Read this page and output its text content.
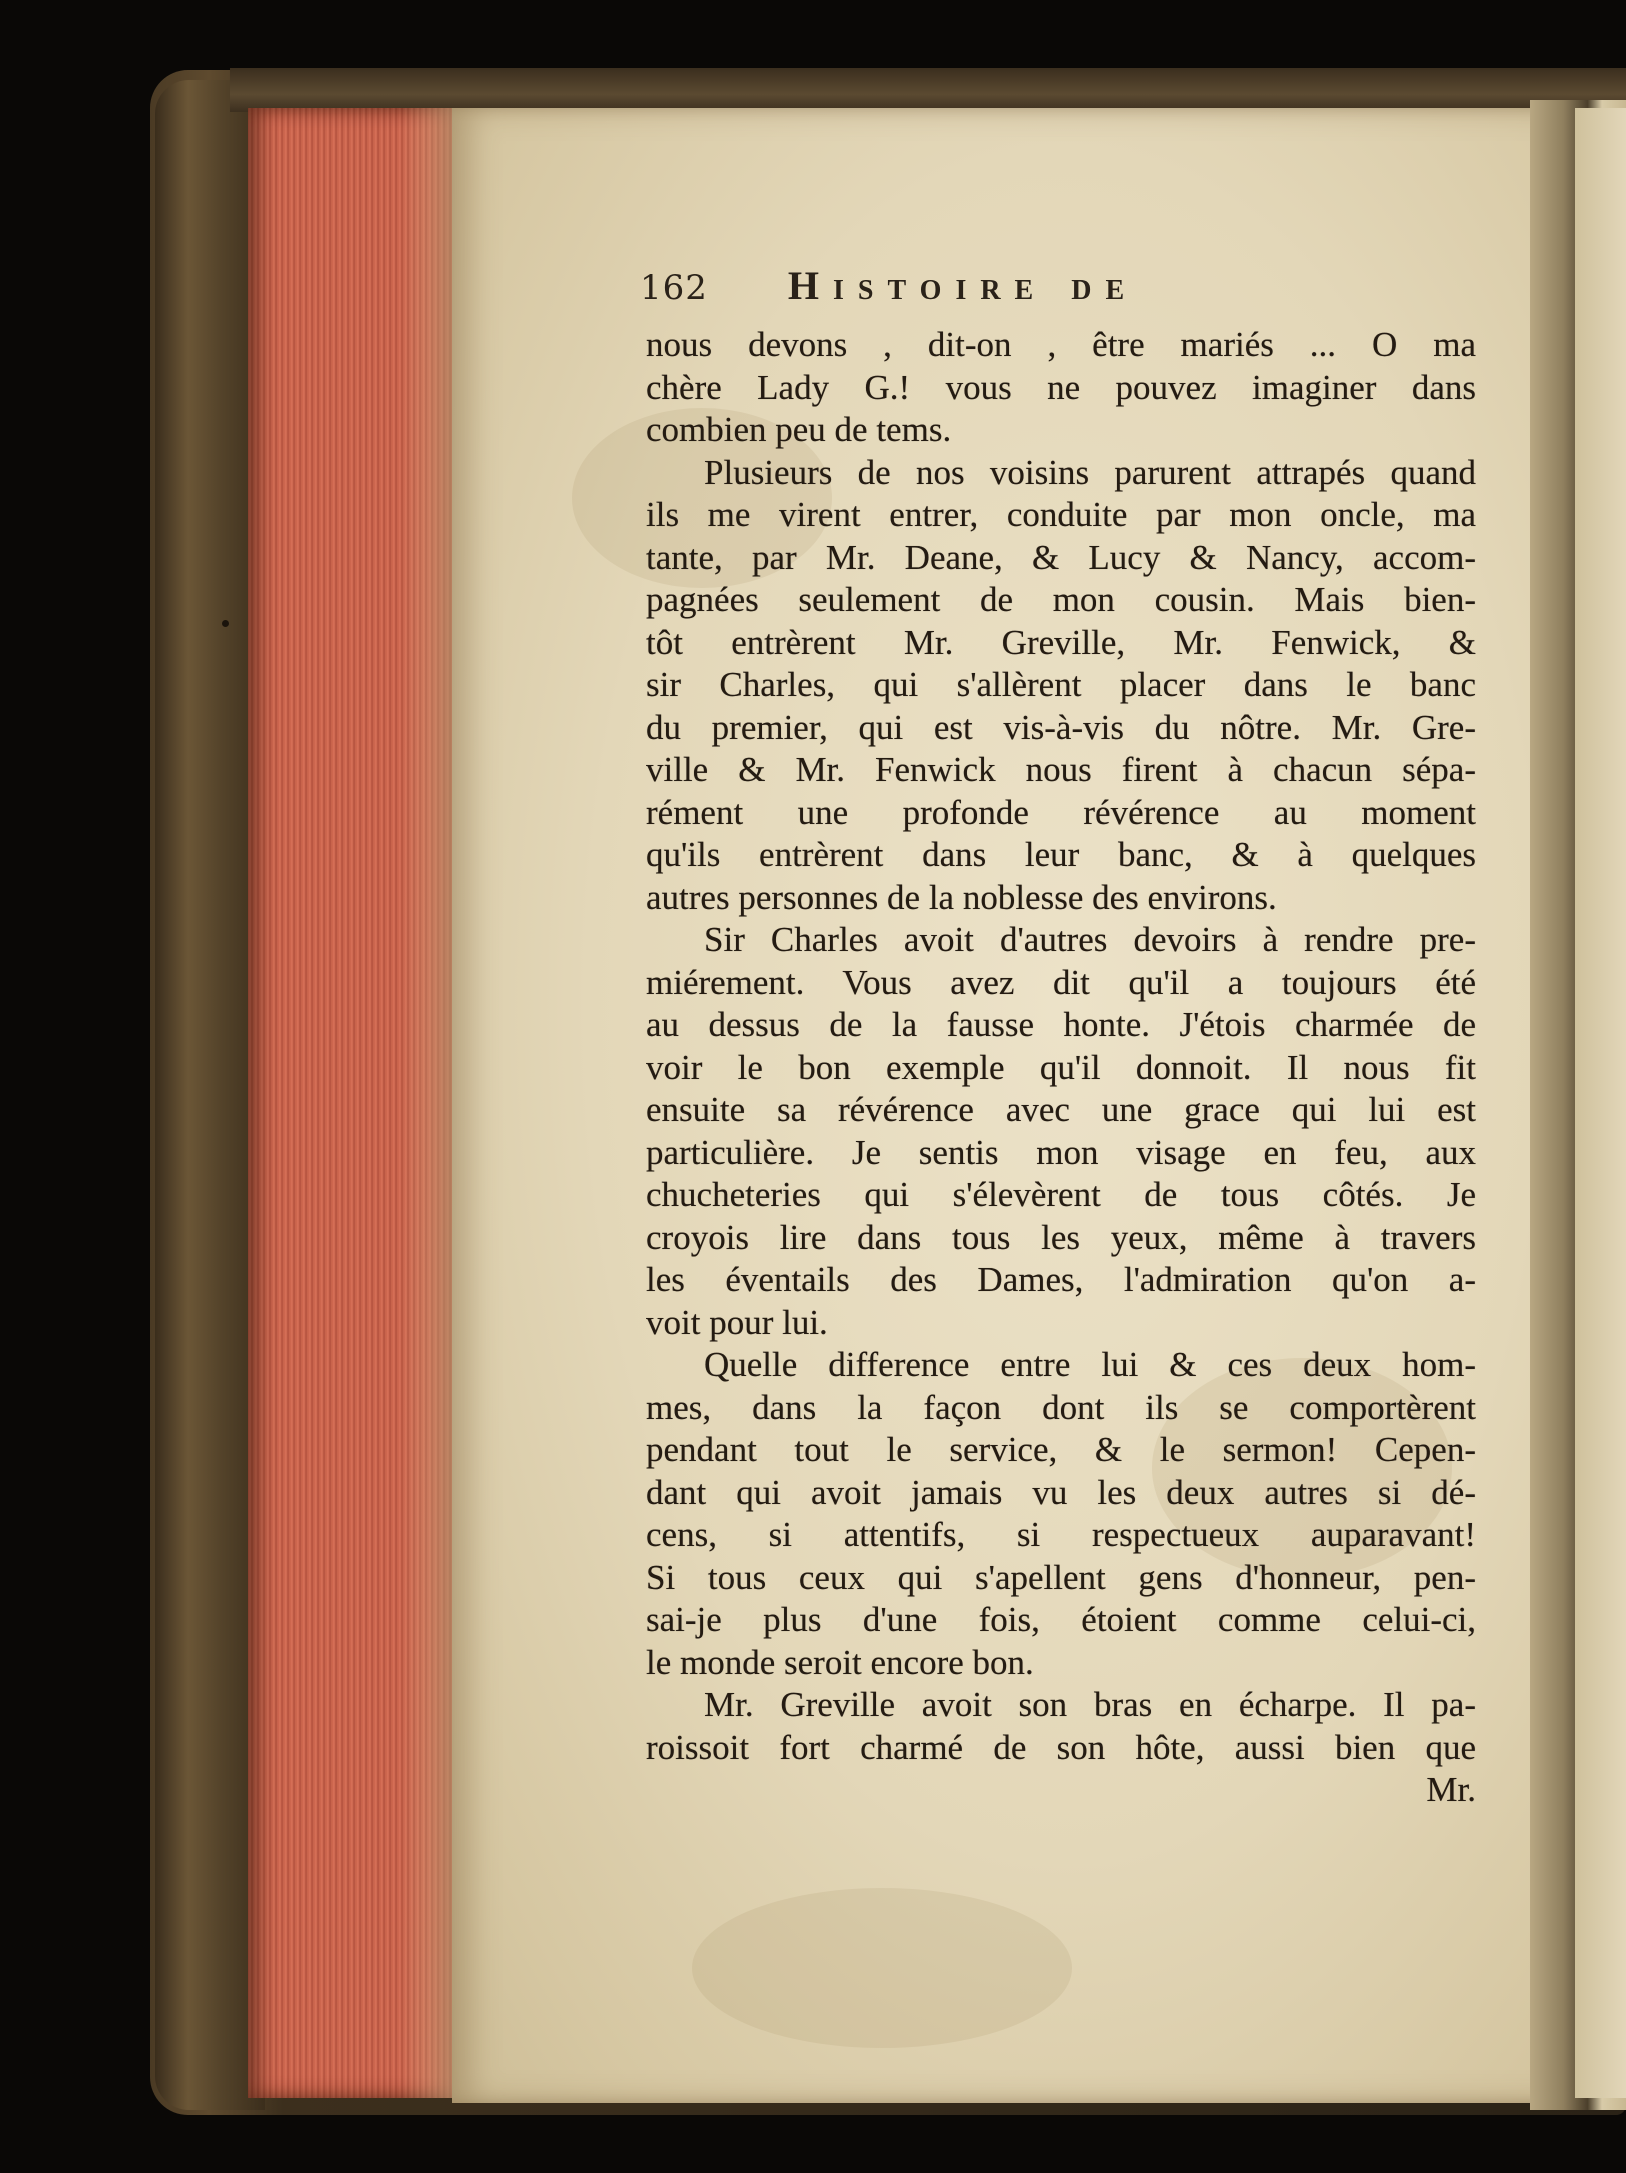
162 Histoire de
nous devons , dit-on , être mariés ... O ma
chère Lady G.! vous ne pouvez imaginer dans
combien peu de tems.
Plusieurs de nos voisins parurent attrapés quand
ils me virent entrer, conduite par mon oncle, ma
tante, par Mr. Deane, & Lucy & Nancy, accom-
pagnées seulement de mon cousin. Mais bien-
tôt entrèrent Mr. Greville, Mr. Fenwick, &
sir Charles, qui s'allèrent placer dans le banc
du premier, qui est vis-à-vis du nôtre. Mr. Gre-
ville & Mr. Fenwick nous firent à chacun sépa-
rément une profonde révérence au moment
qu'ils entrèrent dans leur banc, & à quelques
autres personnes de la noblesse des environs.
Sir Charles avoit d'autres devoirs à rendre pre-
miérement. Vous avez dit qu'il a toujours été
au dessus de la fausse honte. J'étois charmée de
voir le bon exemple qu'il donnoit. Il nous fit
ensuite sa révérence avec une grace qui lui est
particulière. Je sentis mon visage en feu, aux
chucheteries qui s'élevèrent de tous côtés. Je
croyois lire dans tous les yeux, même à travers
les éventails des Dames, l'admiration qu'on a-
voit pour lui.
Quelle difference entre lui & ces deux hom-
mes, dans la façon dont ils se comportèrent
pendant tout le service, & le sermon! Cepen-
dant qui avoit jamais vu les deux autres si dé-
cens, si attentifs, si respectueux auparavant!
Si tous ceux qui s'apellent gens d'honneur, pen-
sai-je plus d'une fois, étoient comme celui-ci,
le monde seroit encore bon.
Mr. Greville avoit son bras en écharpe. Il pa-
roissoit fort charmé de son hôte, aussi bien que
Mr.
